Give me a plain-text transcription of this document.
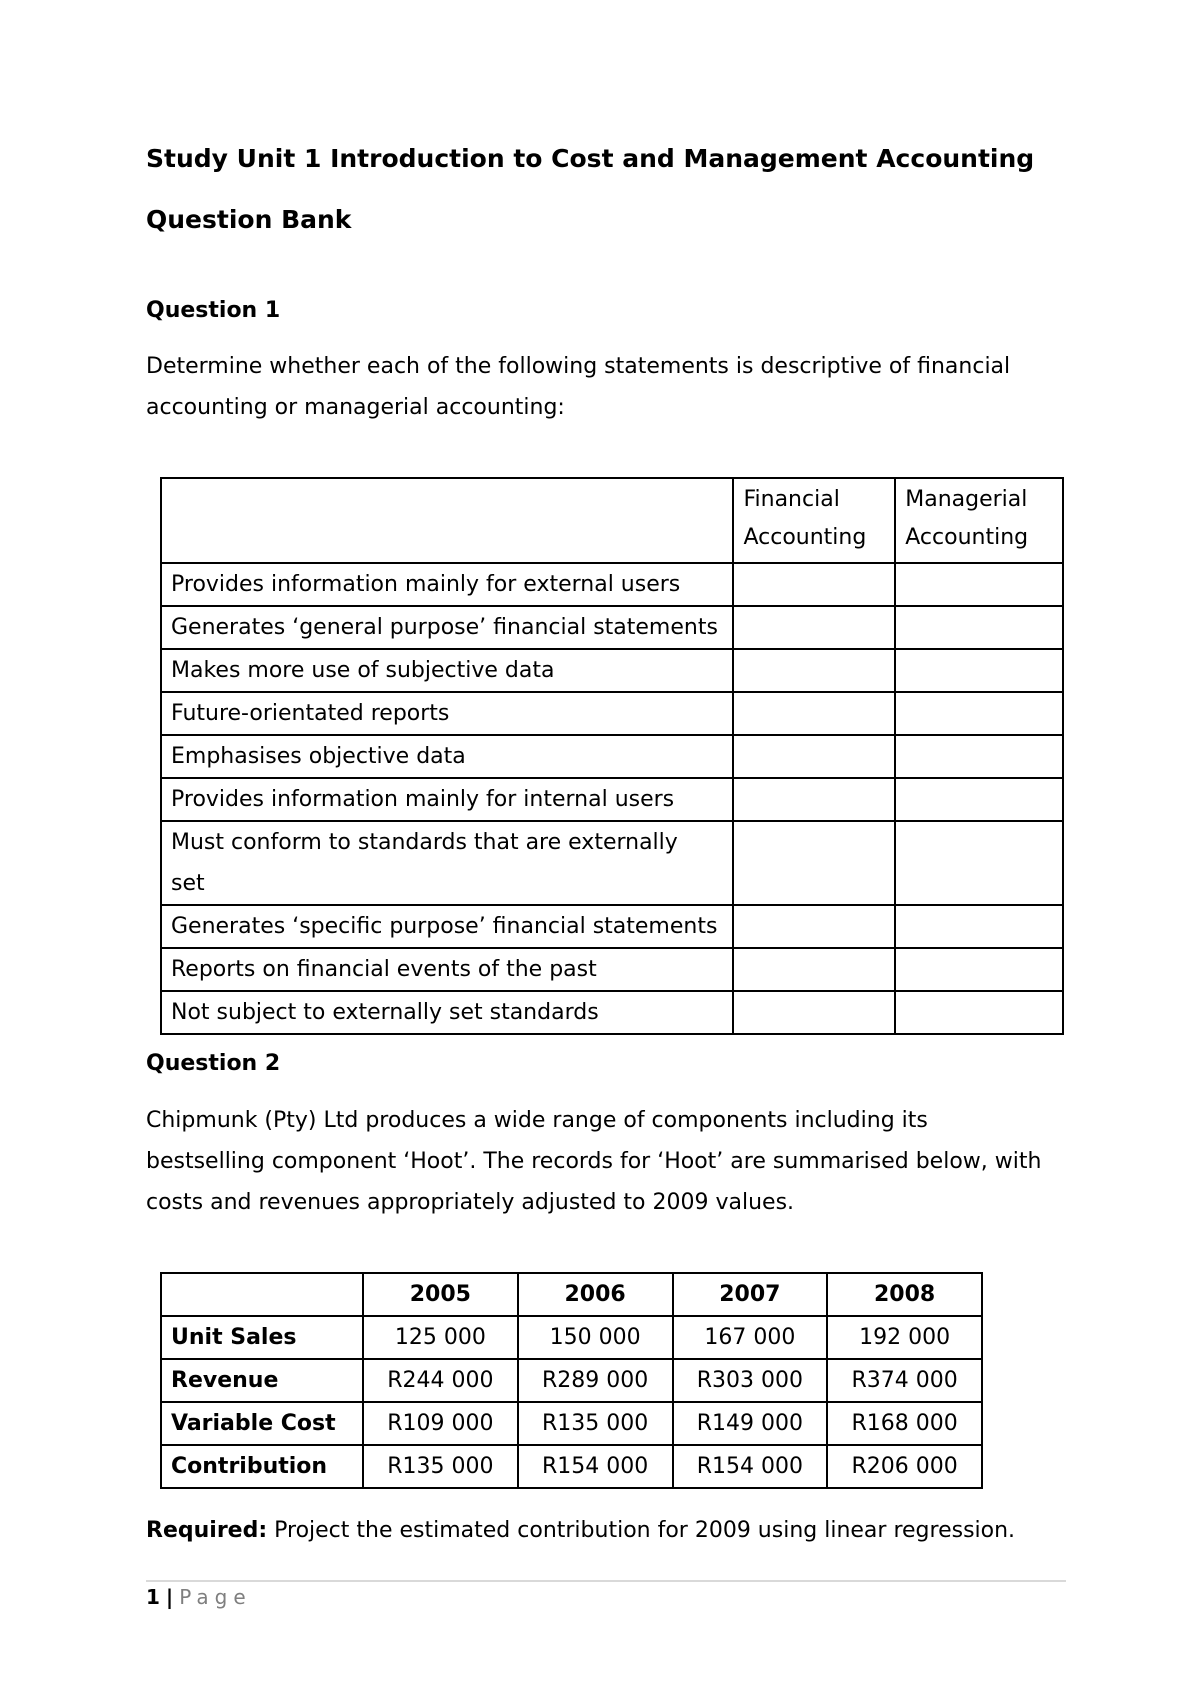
Study Unit 1 Introduction to Cost and Management Accounting
Question Bank
Question 1
Determine whether each of the following statements is descriptive of financial
accounting or managerial accounting:

	Financial
Accounting	Managerial
Accounting

Provides information mainly for external users		
Generates ‘general purpose’ financial statements		
Makes more use of subjective data		
Future-orientated reports		
Emphasises objective data		
Provides information mainly for internal users		

Must conform to standards that are externally
set		

Generates ‘specific purpose’ financial statements		
Reports on financial events of the past		
Not subject to externally set standards		
Question 2
Chipmunk (Pty) Ltd produces a wide range of components including its
bestselling component ‘Hoot’. The records for ‘Hoot’ are summarised below, with
costs and revenues appropriately adjusted to 2009 values.
	2005	2006	2007	2008
Unit Sales	125 000	150 000	167 000	192 000
Revenue	R244 000	R289 000	R303 000	R374 000
Variable Cost	R109 000	R135 000	R149 000	R168 000
Contribution	R135 000	R154 000	R154 000	R206 000
Required: Project the estimated contribution for 2009 using linear regression.
1 | Page
